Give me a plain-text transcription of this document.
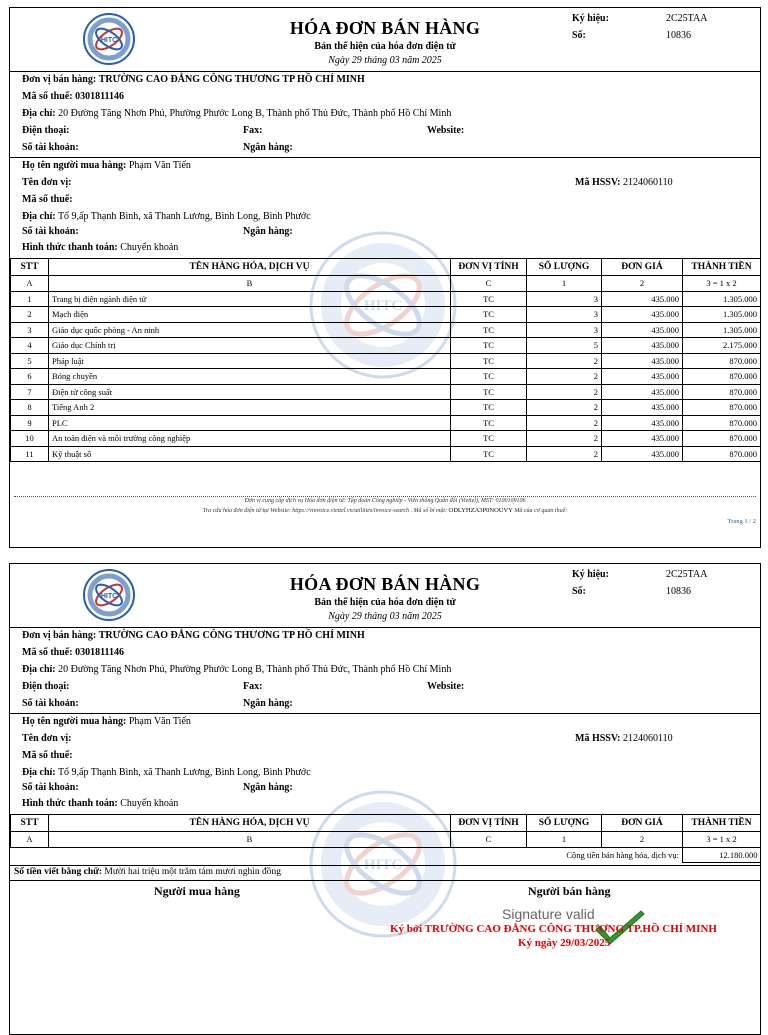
HITC
HITC
HÓA ĐƠN BÁN HÀNG
Bản thể hiện của hóa đơn điện tử
Ngày 29 tháng 03 năm 2025
Ký hiệu:	2C25TAA
Số:	10836
Đơn vị bán hàng: TRƯỜNG CAO ĐẲNG CÔNG THƯƠNG TP HỒ CHÍ MINH
Mã số thuế: 0301811146
Địa chỉ: 20 Đường Tăng Nhơn Phú, Phường Phước Long B, Thành phố Thủ Đức, Thành phố Hồ Chí Minh
Điện thoại:	Fax:	Website:
Số tài khoản:	Ngân hàng:
Họ tên người mua hàng: Phạm Văn Tiến
Tên đơn vị:	Mã HSSV: 2124060110
Mã số thuế:
Địa chỉ: Tổ 9,ấp Thạnh Bình, xã Thanh Lương, Bình Long, Bình Phước
Số tài khoản:	Ngân hàng:
Hình thức thanh toán: Chuyển khoản
STT	TÊN HÀNG HÓA, DỊCH VỤ	ĐƠN VỊ TÍNH	SỐ LƯỢNG	ĐƠN GIÁ	THÀNH TIỀN
A	B	C	1	2	3 = 1 x 2
1	Trang bị điện ngành điện tử	TC	3	435.000	1.305.000
2	Mạch điện	TC	3	435.000	1.305.000
3	Giáo dục quốc phòng - An ninh	TC	3	435.000	1.305.000
4	Giáo dục Chính trị	TC	5	435.000	2.175.000
5	Pháp luật	TC	2	435.000	870.000
6	Bóng chuyền	TC	2	435.000	870.000
7	Điện tử công suất	TC	2	435.000	870.000
8	Tiếng Anh 2	TC	2	435.000	870.000
9	PLC	TC	2	435.000	870.000
10	An toàn điện và môi trường công nghiệp	TC	2	435.000	870.000
11	Kỹ thuật số	TC	2	435.000	870.000
Đơn vị cung cấp dịch vụ Hóa đơn điện tử: Tập đoàn Công nghiệp - Viễn thông Quân đội (Viettel), MST: 0100109106
Tra cứu hóa đơn điện tử tại Website: https://vinvoice.viettel.vn/utilities/invoice-search . Mã số bí mật: ODLYHZA3P0NOUVY Mã của cơ quan thuế:
Trang 1 / 2
HITC
HITC
HÓA ĐƠN BÁN HÀNG
Bản thể hiện của hóa đơn điện tử
Ngày 29 tháng 03 năm 2025
Ký hiệu:	2C25TAA
Số:	10836
Đơn vị bán hàng: TRƯỜNG CAO ĐẲNG CÔNG THƯƠNG TP HỒ CHÍ MINH
Mã số thuế: 0301811146
Địa chỉ: 20 Đường Tăng Nhơn Phú, Phường Phước Long B, Thành phố Thủ Đức, Thành phố Hồ Chí Minh
Điện thoại:	Fax:	Website:
Số tài khoản:	Ngân hàng:
Họ tên người mua hàng: Phạm Văn Tiến
Tên đơn vị:	Mã HSSV: 2124060110
Mã số thuế:
Địa chỉ: Tổ 9,ấp Thạnh Bình, xã Thanh Lương, Bình Long, Bình Phước
Số tài khoản:	Ngân hàng:
Hình thức thanh toán: Chuyển khoản
STT	TÊN HÀNG HÓA, DỊCH VỤ	ĐƠN VỊ TÍNH	SỐ LƯỢNG	ĐƠN GIÁ	THÀNH TIỀN
A	B	C	1	2	3 = 1 x 2
Cộng tiền bán hàng hóa, dịch vụ:					12.180.000
Số tiền viết bằng chữ: Mười hai triệu một trăm tám mươi nghìn đồng
Người mua hàng	Người bán hàng
Signature valid
Ký bởi TRƯỜNG CAO ĐẲNG CÔNG THƯƠNG TP.HỒ CHÍ MINH
Ký ngày 29/03/2025
